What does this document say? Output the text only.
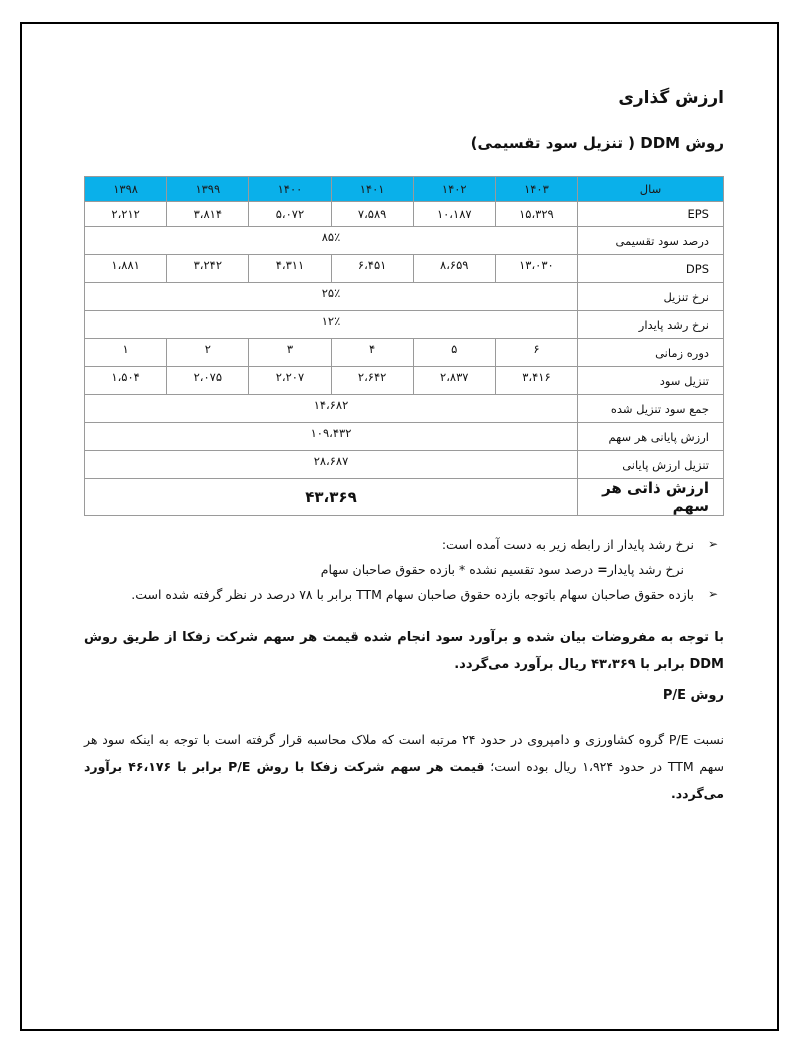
ارزش گذاری
روش DDM ( تنزیل سود تقسیمی)
سال	۱۴۰۳	۱۴۰۲	۱۴۰۱	۱۴۰۰	۱۳۹۹	۱۳۹۸
EPS	۱۵،۳۲۹	۱۰،۱۸۷	۷،۵۸۹	۵،۰۷۲	۳،۸۱۴	۲،۲۱۲
درصد سود تقسیمی	۸۵٪					
DPS	۱۳،۰۳۰	۸،۶۵۹	۶،۴۵۱	۴،۳۱۱	۳،۲۴۲	۱،۸۸۱
نرخ تنزیل	۲۵٪					
نرخ رشد پایدار	۱۲٪					
دوره زمانی	۶	۵	۴	۳	۲	۱
تنزیل سود	۳،۴۱۶	۲،۸۳۷	۲،۶۴۲	۲،۲۰۷	۲،۰۷۵	۱،۵۰۴
جمع سود تنزیل شده	۱۴،۶۸۲					
ارزش پایانی هر سهم	۱۰۹،۴۳۲					
تنزیل ارزش پایانی	۲۸،۶۸۷					
ارزش ذاتی هر سهم	۴۳،۳۶۹					
➢
نرخ رشد پایدار از رابطه زیر به دست آمده است:
نرخ رشد پایدار= درصد سود تقسیم نشده * بازده حقوق صاحبان سهام
➢
بازده حقوق صاحبان سهام باتوجه بازده حقوق صاحبان سهام TTM برابر با ۷۸ درصد در نظر گرفته شده است.
با توجه به مفروضات بیان شده و برآورد سود انجام شده قیمت هر سهم شرکت زفکا از طریق روش DDM برابر با ۴۳،۳۶۹ ریال برآورد می‌گردد.
روش P/E
نسبت P/E گروه کشاورزی و دامپروی در حدود ۲۴ مرتبه است که ملاک محاسبه قرار گرفته است با توجه به اینکه سود هر سهم TTM در حدود ۱،۹۲۴ ریال بوده است؛ قیمت هر سهم شرکت زفکا با روش P/E برابر با ۴۶،۱۷۶ برآورد می‌گردد.
